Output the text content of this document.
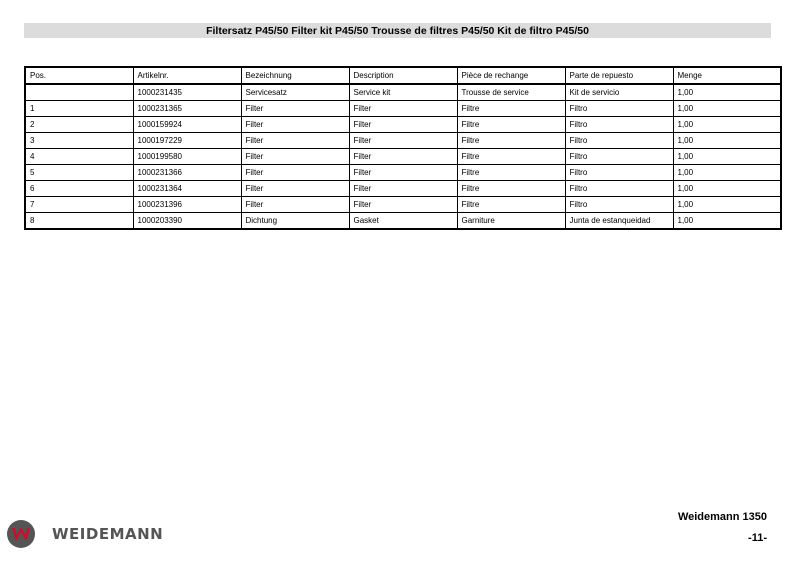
Filtersatz P45/50 Filter kit P45/50 Trousse de filtres P45/50 Kit de filtro P45/50
Pos.	Artikelnr.	Bezeichnung	Description	Pièce de rechange	Parte de repuesto	Menge
	1000231435	Servicesatz	Service kit	Trousse de service	Kit de servicio	1,00
1	1000231365	Filter	Filter	Filtre	Filtro	1,00
2	1000159924	Filter	Filter	Filtre	Filtro	1,00
3	1000197229	Filter	Filter	Filtre	Filtro	1,00
4	1000199580	Filter	Filter	Filtre	Filtro	1,00
5	1000231366	Filter	Filter	Filtre	Filtro	1,00
6	1000231364	Filter	Filter	Filtre	Filtro	1,00
7	1000231396	Filter	Filter	Filtre	Filtro	1,00
8	1000203390	Dichtung	Gasket	Garniture	Junta de estanqueidad	1,00
WEIDEMANN
Weidemann 1350
-11-
